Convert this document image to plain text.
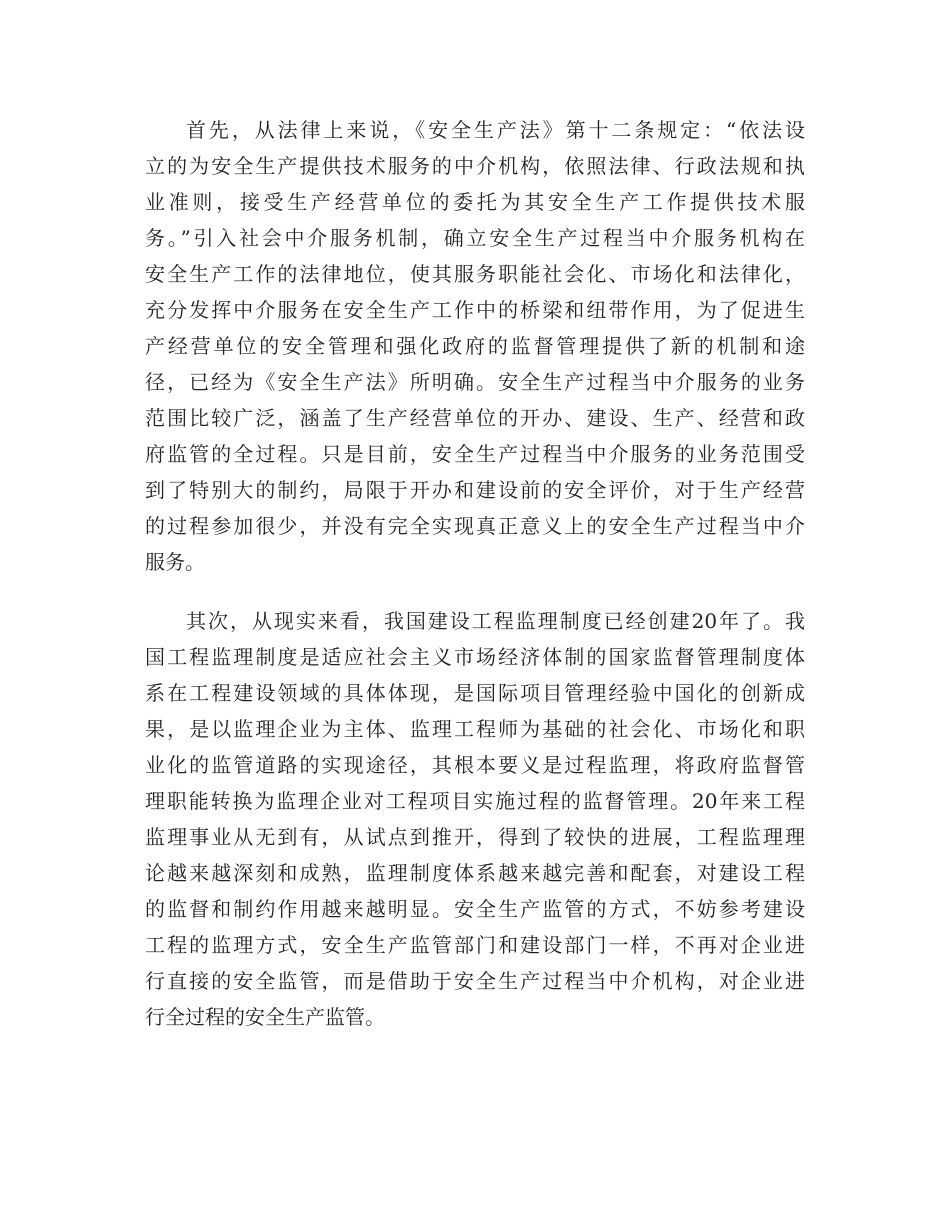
首先，从法律上来说，《安全生产法》第十二条规定：“依法设
立的为安全生产提供技术服务的中介机构，依照法律、行政法规和执
业准则，接受生产经营单位的委托为其安全生产工作提供技术服
务。”引入社会中介服务机制，确立安全生产过程当中介服务机构在
安全生产工作的法律地位，使其服务职能社会化、市场化和法律化，
充分发挥中介服务在安全生产工作中的桥梁和纽带作用，为了促进生
产经营单位的安全管理和强化政府的监督管理提供了新的机制和途
径，已经为《安全生产法》所明确。安全生产过程当中介服务的业务
范围比较广泛，涵盖了生产经营单位的开办、建设、生产、经营和政
府监管的全过程。只是目前，安全生产过程当中介服务的业务范围受
到了特别大的制约，局限于开办和建设前的安全评价，对于生产经营
的过程参加很少，并没有完全实现真正意义上的安全生产过程当中介
服务。
其次，从现实来看，我国建设工程监理制度已经创建20年了。我
国工程监理制度是适应社会主义市场经济体制的国家监督管理制度体
系在工程建设领域的具体体现，是国际项目管理经验中国化的创新成
果，是以监理企业为主体、监理工程师为基础的社会化、市场化和职
业化的监管道路的实现途径，其根本要义是过程监理，将政府监督管
理职能转换为监理企业对工程项目实施过程的监督管理。20年来工程
监理事业从无到有，从试点到推开，得到了较快的进展，工程监理理
论越来越深刻和成熟，监理制度体系越来越完善和配套，对建设工程
的监督和制约作用越来越明显。安全生产监管的方式，不妨参考建设
工程的监理方式，安全生产监管部门和建设部门一样，不再对企业进
行直接的安全监管，而是借助于安全生产过程当中介机构，对企业进
行全过程的安全生产监管。
